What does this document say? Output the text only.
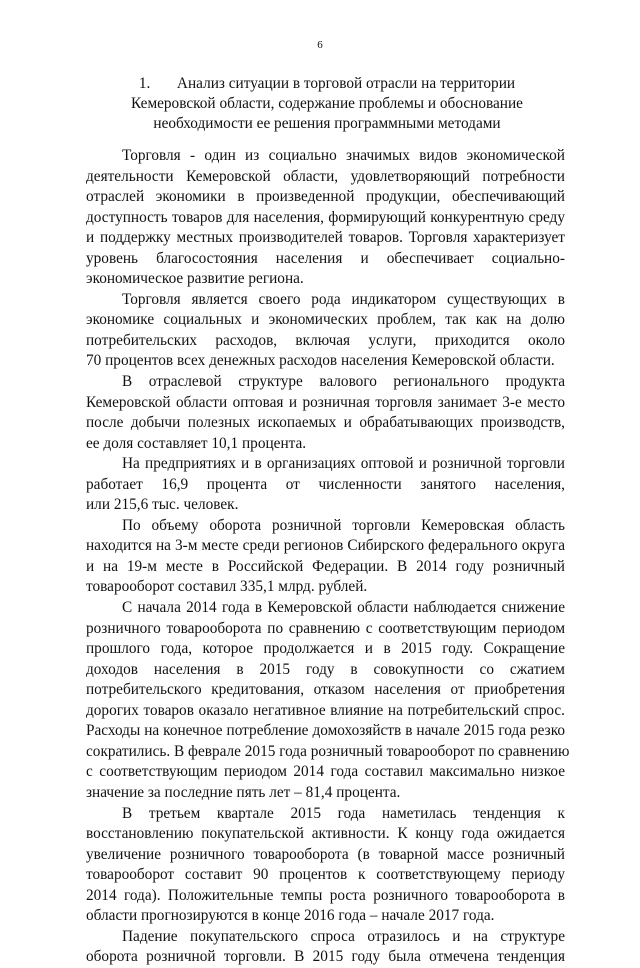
6
1. Анализ ситуации в торговой отрасли на территории
Кемеровской области, содержание проблемы и обоснование
необходимости ее решения программными методами
Торговля - один из социально значимых видов экономической
деятельности Кемеровской области, удовлетворяющий потребности
отраслей экономики в произведенной продукции, обеспечивающий
доступность товаров для населения, формирующий конкурентную среду
и поддержку местных производителей товаров. Торговля характеризует
уровень благосостояния населения и обеспечивает социально-
экономическое развитие региона.
Торговля является своего рода индикатором существующих в
экономике социальных и экономических проблем, так как на долю
потребительских расходов, включая услуги, приходится около
70 процентов всех денежных расходов населения Кемеровской области.
В отраслевой структуре валового регионального продукта
Кемеровской области оптовая и розничная торговля занимает 3-е место
после добычи полезных ископаемых и обрабатывающих производств,
ее доля составляет 10,1 процента.
На предприятиях и в организациях оптовой и розничной торговли
работает 16,9 процента от численности занятого населения,
или 215,6 тыс. человек.
По объему оборота розничной торговли Кемеровская область
находится на 3-м месте среди регионов Сибирского федерального округа
и на 19-м месте в Российской Федерации. В 2014 году розничный
товарооборот составил 335,1 млрд. рублей.
С начала 2014 года в Кемеровской области наблюдается снижение
розничного товарооборота по сравнению с соответствующим периодом
прошлого года, которое продолжается и в 2015 году. Сокращение
доходов населения в 2015 году в совокупности со сжатием
потребительского кредитования, отказом населения от приобретения
дорогих товаров оказало негативное влияние на потребительский спрос.
Расходы на конечное потребление домохозяйств в начале 2015 года резко
сократились. В феврале 2015 года розничный товарооборот по сравнению
с соответствующим периодом 2014 года составил максимально низкое
значение за последние пять лет – 81,4 процента.
В третьем квартале 2015 года наметилась тенденция к
восстановлению покупательской активности. К концу года ожидается
увеличение розничного товарооборота (в товарной массе розничный
товарооборот составит 90 процентов к соответствующему периоду
2014 года). Положительные темпы роста розничного товарооборота в
области прогнозируются в конце 2016 года – начале 2017 года.
Падение покупательского спроса отразилось и на структуре
оборота розничной торговли. В 2015 году была отмечена тенденция
